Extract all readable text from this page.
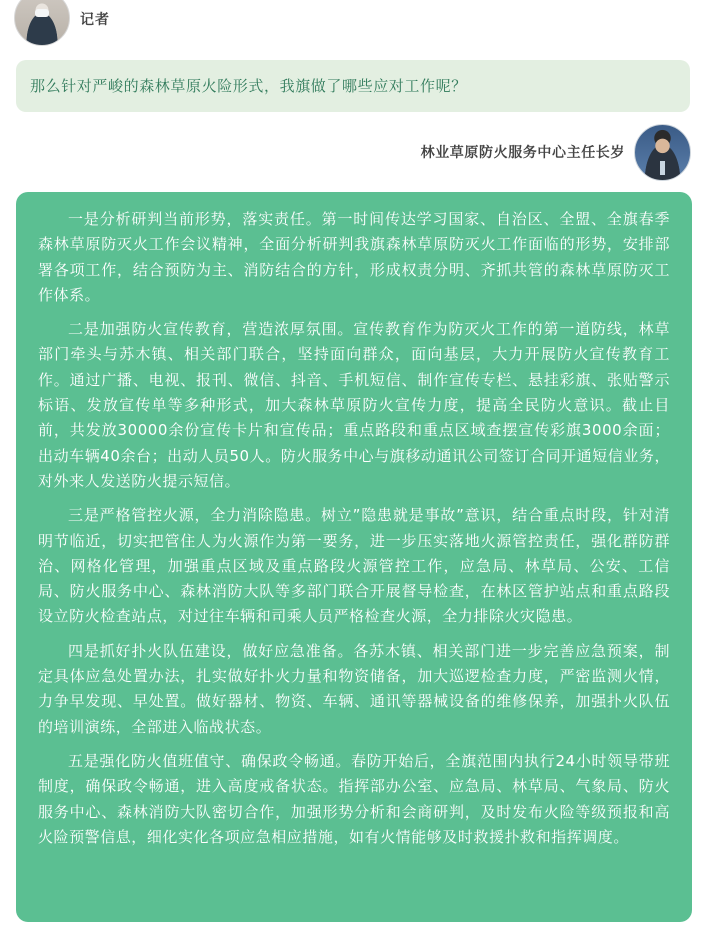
记者
那么针对严峻的森林草原火险形式，我旗做了哪些应对工作呢？
林业草原防火服务中心主任长岁

一是分析研判当前形势，落实责任。第一时间传达学习国家、自治区、全盟、全旗春季森林草原防灭火工作会议精神，全面分析研判我旗森林草原防灭火工作面临的形势，安排部署各项工作，结合预防为主、消防结合的方针，形成权责分明、齐抓共管的森林草原防灭工作体系。

二是加强防火宣传教育，营造浓厚氛围。宣传教育作为防灭火工作的第一道防线，林草部门牵头与苏木镇、相关部门联合，坚持面向群众，面向基层，大力开展防火宣传教育工作。通过广播、电视、报刊、微信、抖音、手机短信、制作宣传专栏、悬挂彩旗、张贴警示标语、发放宣传单等多种形式，加大森林草原防火宣传力度，提高全民防火意识。截止目前，共发放30000余份宣传卡片和宣传品；重点路段和重点区域查摆宣传彩旗3000余面；出动车辆40余台；出动人员50人。防火服务中心与旗移动通讯公司签订合同开通短信业务，对外来人发送防火提示短信。

三是严格管控火源，全力消除隐患。树立”隐患就是事故”意识，结合重点时段，针对清明节临近，切实把管住人为火源作为第一要务，进一步压实落地火源管控责任，强化群防群治、网格化管理，加强重点区域及重点路段火源管控工作，应急局、林草局、公安、工信局、防火服务中心、森林消防大队等多部门联合开展督导检查，在林区管护站点和重点路段设立防火检查站点，对过往车辆和司乘人员严格检查火源，全力排除火灾隐患。

四是抓好扑火队伍建设，做好应急准备。各苏木镇、相关部门进一步完善应急预案，制定具体应急处置办法，扎实做好扑火力量和物资储备，加大巡逻检查力度，严密监测火情，力争早发现、早处置。做好器材、物资、车辆、通讯等器械设备的维修保养，加强扑火队伍的培训演练，全部进入临战状态。

五是强化防火值班值守、确保政令畅通。春防开始后，全旗范围内执行24小时领导带班制度，确保政令畅通，进入高度戒备状态。指挥部办公室、应急局、林草局、气象局、防火服务中心、森林消防大队密切合作，加强形势分析和会商研判，及时发布火险等级预报和高火险预警信息，细化实化各项应急相应措施，如有火情能够及时救援扑救和指挥调度。
